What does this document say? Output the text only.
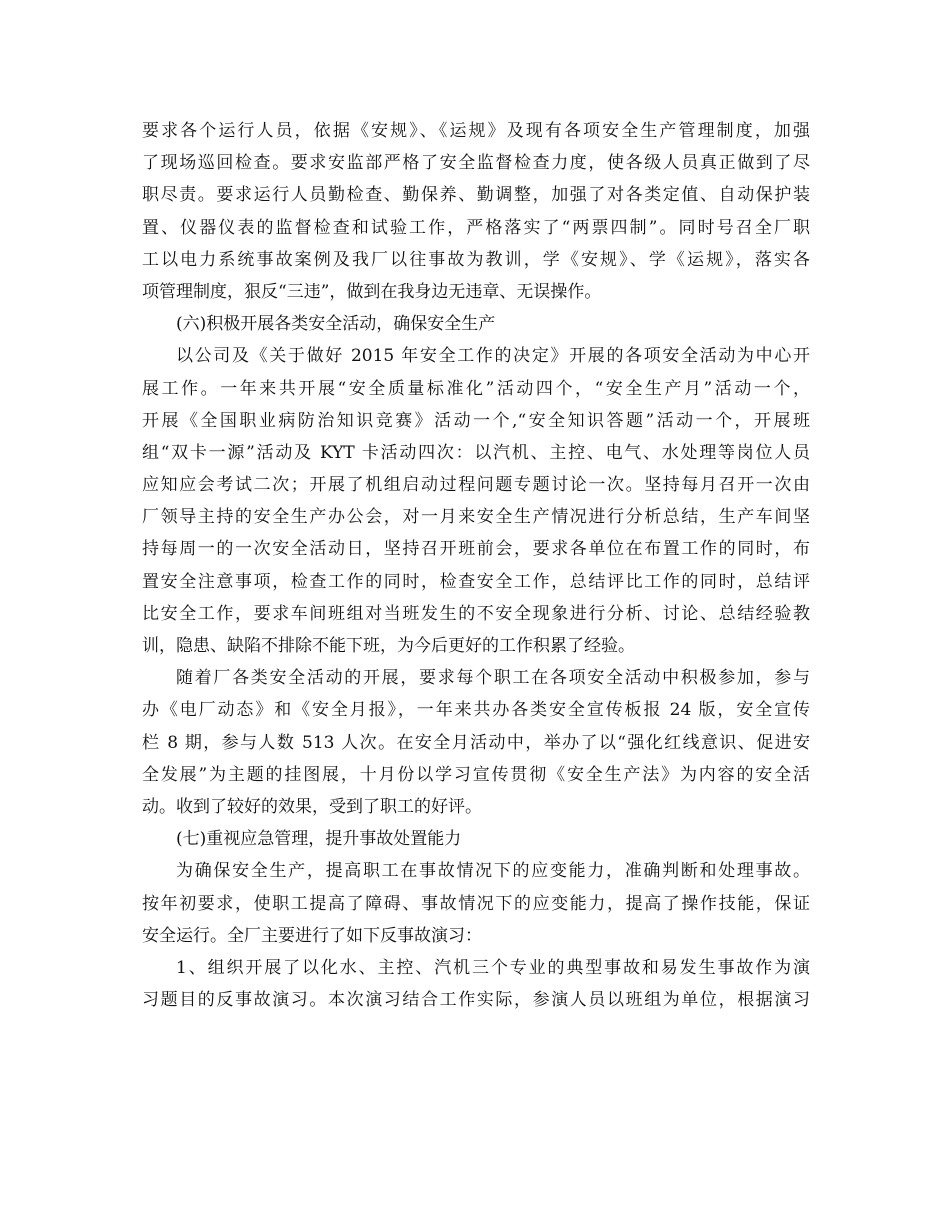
要求各个运行人员，依据《安规》、《运规》及现有各项安全生产管理制度，加强
了现场巡回检查。要求安监部严格了安全监督检查力度，使各级人员真正做到了尽
职尽责。要求运行人员勤检查、勤保养、勤调整，加强了对各类定值、自动保护装
置、仪器仪表的监督检查和试验工作，严格落实了“两票四制”。同时号召全厂职
工以电力系统事故案例及我厂以往事故为教训，学《安规》、学《运规》，落实各
项管理制度，狠反“三违”，做到在我身边无违章、无误操作。
(六)积极开展各类安全活动，确保安全生产
以公司及《关于做好 2015 年安全工作的决定》开展的各项安全活动为中心开
展工作。一年来共开展“安全质量标准化”活动四个，“安全生产月”活动一个，
开展《全国职业病防治知识竞赛》活动一个,“安全知识答题”活动一个，开展班
组“双卡一源”活动及 KYT 卡活动四次：以汽机、主控、电气、水处理等岗位人员
应知应会考试二次；开展了机组启动过程问题专题讨论一次。坚持每月召开一次由
厂领导主持的安全生产办公会，对一月来安全生产情况进行分析总结，生产车间坚
持每周一的一次安全活动日，坚持召开班前会，要求各单位在布置工作的同时，布
置安全注意事项，检查工作的同时，检查安全工作，总结评比工作的同时，总结评
比安全工作，要求车间班组对当班发生的不安全现象进行分析、讨论、总结经验教
训，隐患、缺陷不排除不能下班，为今后更好的工作积累了经验。
随着厂各类安全活动的开展，要求每个职工在各项安全活动中积极参加，参与
办《电厂动态》和《安全月报》，一年来共办各类安全宣传板报 24 版，安全宣传
栏 8 期，参与人数 513 人次。在安全月活动中，举办了以“强化红线意识、促进安
全发展”为主题的挂图展，十月份以学习宣传贯彻《安全生产法》为内容的安全活
动。收到了较好的效果，受到了职工的好评。
(七)重视应急管理，提升事故处置能力
为确保安全生产，提高职工在事故情况下的应变能力，准确判断和处理事故。
按年初要求，使职工提高了障碍、事故情况下的应变能力，提高了操作技能，保证
安全运行。全厂主要进行了如下反事故演习：
1、组织开展了以化水、主控、汽机三个专业的典型事故和易发生事故作为演
习题目的反事故演习。本次演习结合工作实际，参演人员以班组为单位，根据演习
